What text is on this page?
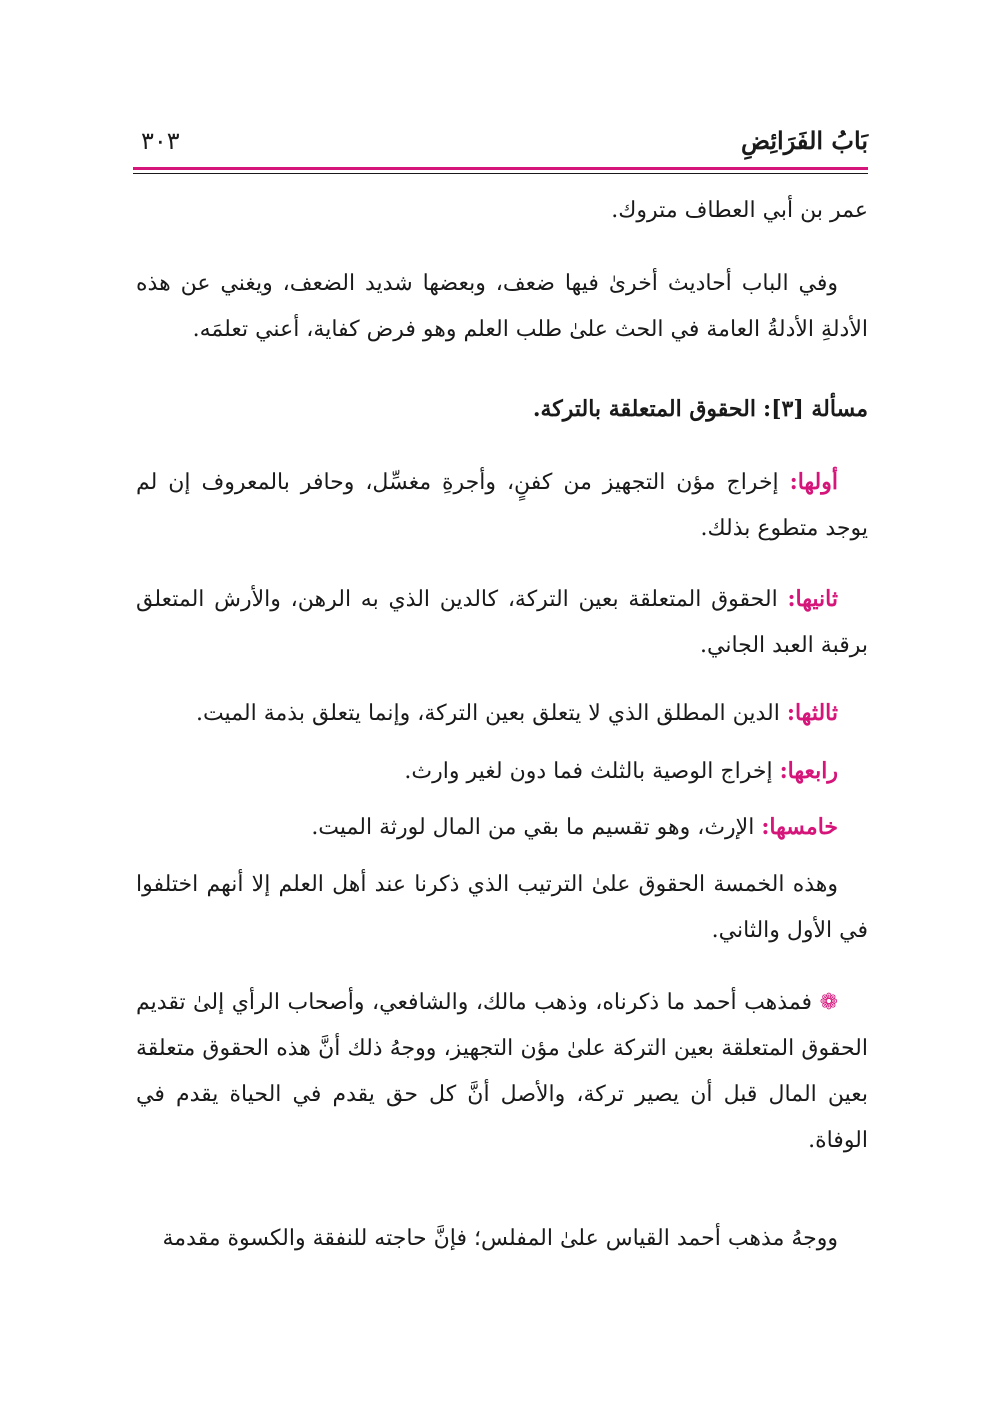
بَابُ الفَرَائِضِ
٣٠٣

عمر بن أبي العطاف متروك.

وفي الباب أحاديث أخرىٰ فيها ضعف، وبعضها شديد الضعف، ويغني عن هذه الأدلةِ الأدلةُ العامة في الحث علىٰ طلب العلم وهو فرض كفاية، أعني تعلمَه.

مسألة [٣]: الحقوق المتعلقة بالتركة.

أولها: إخراج مؤن التجهيز من كفنٍ، وأجرةِ مغسِّل، وحافر بالمعروف إن لم يوجد متطوع بذلك.

ثانيها: الحقوق المتعلقة بعين التركة، كالدين الذي به الرهن، والأرش المتعلق برقبة العبد الجاني.

ثالثها: الدين المطلق الذي لا يتعلق بعين التركة، وإنما يتعلق بذمة الميت.

رابعها: إخراج الوصية بالثلث فما دون لغير وارث.

خامسها: الإرث، وهو تقسيم ما بقي من المال لورثة الميت.

وهذه الخمسة الحقوق علىٰ الترتيب الذي ذكرنا عند أهل العلم إلا أنهم اختلفوا في الأول والثاني.

❁ فمذهب أحمد ما ذكرناه، وذهب مالك، والشافعي، وأصحاب الرأي إلىٰ تقديم الحقوق المتعلقة بعين التركة علىٰ مؤن التجهيز، ووجهُ ذلك أنَّ هذه الحقوق متعلقة بعين المال قبل أن يصير تركة، والأصل أنَّ كل حق يقدم في الحياة يقدم في الوفاة.

ووجهُ مذهب أحمد القياس علىٰ المفلس؛ فإنَّ حاجته للنفقة والكسوة مقدمة
